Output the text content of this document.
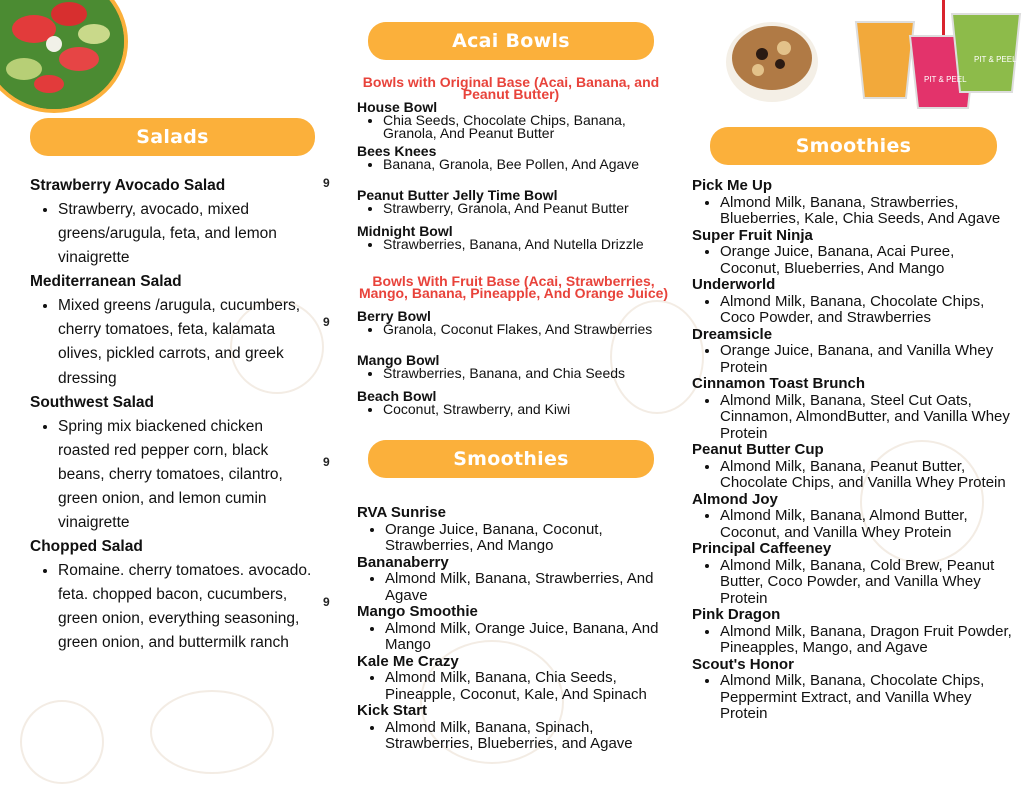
PIT & PEEL
PIT & PEEL
Salads
Acai Bowls
Smoothies
Smoothies
9
9
9
9

Strawberry Avocado Salad

• Strawberry, avocado, mixed greens/arugula, feta, and lemon vinaigrette

Mediterranean Salad

• Mixed greens /arugula, cucumbers, cherry tomatoes, feta, kalamata olives, pickled carrots, and greek dressing

Southwest Salad

• Spring mix biackened chicken roasted red pepper corn, black beans, cherry tomatoes, cilantro, green onion, and lemon cumin vinaigrette

Chopped Salad

• Romaine. cherry tomatoes. avocado. feta. chopped bacon, cucumbers, green onion, everything seasoning, green onion, and buttermilk ranch
Bowls with Original Base (Acai, Banana, and Peanut Butter)

House Bowl

• Chia Seeds, Chocolate Chips, Banana, Granola, And Peanut Butter

Bees Knees

• Banana, Granola, Bee Pollen, And Agave

Peanut Butter Jelly Time Bowl

• Strawberry, Granola, And Peanut Butter

Midnight Bowl

• Strawberries, Banana, And Nutella Drizzle
Bowls With Fruit Base (Acai, Strawberries, Mango, Banana, Pineapple, And Orange Juice)

Berry Bowl

• Granola, Coconut Flakes, And Strawberries

Mango Bowl

• Strawberries, Banana, and Chia Seeds

Beach Bowl

• Coconut, Strawberry, and Kiwi

RVA Sunrise

• Orange Juice, Banana, Coconut, Strawberries, And Mango

Bananaberry

• Almond Milk, Banana, Strawberries, And Agave

Mango Smoothie

• Almond Milk, Orange Juice, Banana, And Mango

Kale Me Crazy

• Almond Milk, Banana, Chia Seeds, Pineapple, Coconut, Kale, And Spinach

Kick Start

• Almond Milk, Banana, Spinach, Strawberries, Blueberries, and Agave

Pick Me Up

• Almond Milk, Banana, Strawberries, Blueberries, Kale, Chia Seeds, And Agave

Super Fruit Ninja

• Orange Juice, Banana, Acai Puree, Coconut, Blueberries, And Mango

Underworld

• Almond Milk, Banana, Chocolate Chips, Coco Powder, and Strawberries

Dreamsicle

• Orange Juice, Banana, and Vanilla Whey Protein

Cinnamon Toast Brunch

• Almond Milk, Banana, Steel Cut Oats, Cinnamon, AlmondButter, and Vanilla Whey Protein

Peanut Butter Cup

• Almond Milk, Banana, Peanut Butter, Chocolate Chips, and Vanilla Whey Protein

Almond Joy

• Almond Milk, Banana, Almond Butter, Coconut, and Vanilla Whey Protein

Principal Caffeeney

• Almond Milk, Banana, Cold Brew, Peanut Butter, Coco Powder, and Vanilla Whey Protein

Pink Dragon

• Almond Milk, Banana, Dragon Fruit Powder, Pineapples, Mango, and Agave

Scout's Honor

• Almond Milk, Banana, Chocolate Chips, Peppermint Extract, and Vanilla Whey Protein
